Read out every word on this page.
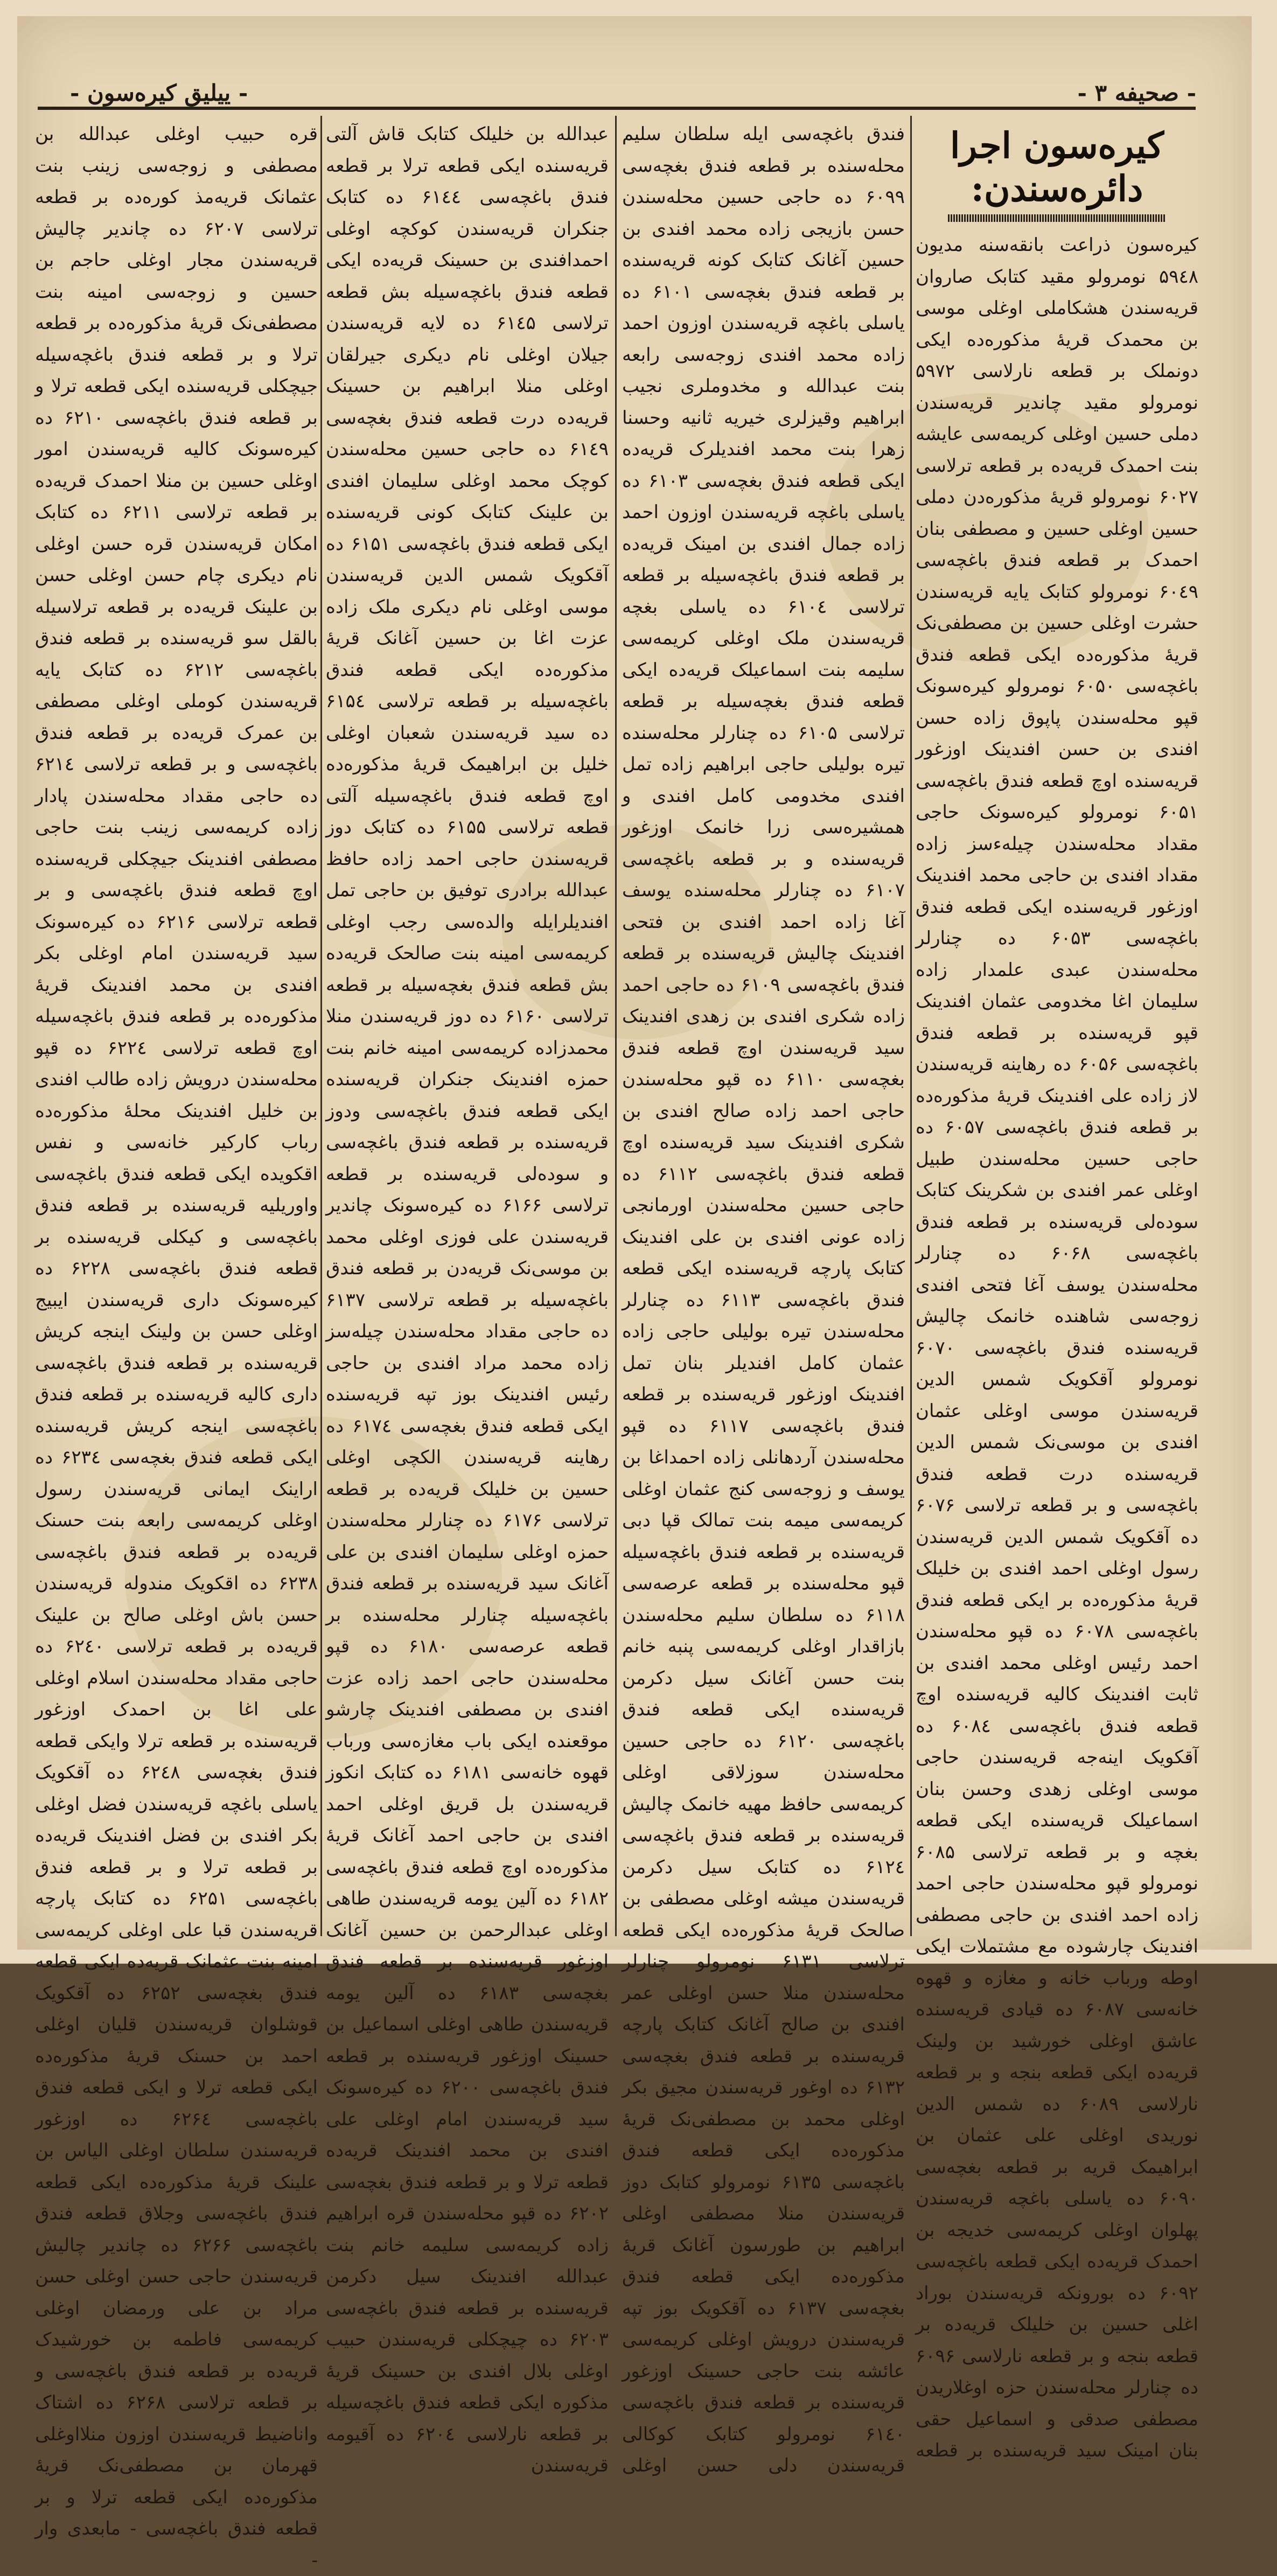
- صحیفه ۳ -
- ییلیق کیره‌سون -
کیره‌سون اجرا دائره‌سندن:

کیره‌سون ذراعت بانقه‌سنه مدیون ۵۹٤۸ نومرولو مقید کتابک صاروان قریه‌سندن هشکاملی اوغلی موسی بن محمدک قریهٔ مذکوره‌ده ایکی دونملک بر قطعه نارلاسی ۵۹۷۲ نومرولو مقید چاندیر قریه‌سندن دملی حسین اوغلی کریمه‌سی عایشه بنت احمدک قریه‌ده بر قطعه ترلاسی ۶۰۲۷ نومرولو قریهٔ مذکوره‌دن دملی حسین اوغلی حسین و مصطفی بنان احمدک بر قطعه فندق باغچه‌سی ۶۰٤۹ نومرولو کتابک یایه قریه‌سندن حشرت اوغلی حسین بن مصطفی‌نک قریهٔ مذکوره‌ده ایکی قطعه فندق باغچه‌سی ۶۰۵۰ نومرولو کیره‌سونک قپو محله‌سندن پاپوق زاده حسن افندی بن حسن افندینک اوزغور قریه‌سنده اوچ قطعه فندق باغچه‌سی ۶۰۵۱ نومرولو کیره‌سونک حاجی مقداد محله‌سندن چیلهء‌سز زاده مقداد افندی بن حاجی محمد افندینک اوزغور قریه‌سنده ایکی قطعه فندق باغچه‌سی ۶۰۵۳ ده چنارلر محله‌سندن عبدی علمدار زاده سلیمان اغا مخدومی عثمان افندینک قپو قریه‌سنده بر قطعه فندق باغچه‌سی ۶۰۵۶ ده رهاینه قریه‌سندن لاز زاده علی افندینک قریهٔ مذکوره‌ده بر قطعه فندق باغچه‌سی ۶۰۵۷ ده حاجی حسین محله‌سندن طبیل اوغلی عمر افندی بن شکرینک کتابک سوده‌لی قریه‌سنده بر قطعه فندق باغچه‌سی ۶۰۶۸ ده چنارلر محله‌سندن یوسف آغا فتحی افندی زوجه‌سی شاهنده خانمک چالیش قریه‌سنده فندق باغچه‌سی ۶۰۷۰ نومرولو آقکویک شمس الدین قریه‌سندن موسی اوغلی عثمان افندی بن موسی‌نک شمس الدین قریه‌سنده درت قطعه فندق باغچه‌سی و بر قطعه ترلاسی ۶۰۷۶ ده آقکویک شمس الدین قریه‌سندن رسول اوغلی احمد افندی بن خلیلک قریهٔ مذکوره‌ده بر ایکی قطعه فندق باغچه‌سی ۶۰۷۸ ده قپو محله‌سندن احمد رئیس اوغلی محمد افندی بن ثابت افندینک کالیه قریه‌سنده اوچ قطعه فندق باغچه‌سی ۶۰۸٤ ده آقکویک اینه‌جه قریه‌سندن حاجی موسی اوغلی زهدی وحسن بنان اسماعیلک قریه‌سنده ایکی قطعه بغچه و بر قطعه ترلاسی ۶۰۸۵ نومرولو قپو محله‌سندن حاجی احمد زاده احمد افندی بن حاجی مصطفی افندینک چارشوده مع مشتملات ایکی اوطه ورباب خانه و مغازه و قهوه خانه‌سی ۶۰۸۷ ده قیادی قریه‌سنده عاشق اوغلی خورشید بن ولینک قریه‌ده ایکی قطعه بنجه و بر قطعه نارلاسی ۶۰۸۹ ده شمس الدین نوریدی اوغلی علی عثمان بن ابراهیمک قریه بر قطعه بغچه‌سی ۶۰۹۰ ده یاسلی باغچه قریه‌سندن پهلوان اوغلی کریمه‌سی خدیجه بن احمدک قریه‌ده ایکی قطعه باغچه‌سی ۶۰۹۲ ده بورونکه قریه‌سندن بوراد اغلی حسین بن خلیلک قریه‌ده بر قطعه بنجه و بر قطعه نارلاسی ۶۰۹۶ ده چنارلر محله‌سندن حزه اوغلاریدن مصطفی صدقی و اسماعیل حقی بنان امینک سید قریه‌سنده بر قطعه

فندق باغچه‌سی ایله سلطان سلیم محله‌سنده بر قطعه فندق بغچه‌سی ۶۰۹۹ ده حاجی حسین محله‌سندن حسن بازیجی زاده محمد افندی بن حسین آغانک کتابک کونه قریه‌سنده بر قطعه فندق بغچه‌سی ۶۱۰۱ ده یاسلی باغچه قریه‌سندن اوزون احمد زاده محمد افندی زوجه‌سی رابعه بنت عبدالله و مخدوملری نجیب ابراهیم وقیزلری خیریه ثانیه وحسنا زهرا بنت محمد افندیلرک قریه‌ده ایکی قطعه فندق بغچه‌سی ۶۱۰۳ ده یاسلی باغچه قریه‌سندن اوزون احمد زاده جمال افندی بن امینک قریه‌ده بر قطعه فندق باغچه‌سیله بر قطعه ترلاسی ۶۱۰٤ ده یاسلی بغچه قریه‌سندن ملک اوغلی کریمه‌سی سلیمه بنت اسماعیلک قریه‌ده ایکی قطعه فندق بغچه‌سیله بر قطعه ترلاسی ۶۱۰۵ ده چنارلر محله‌سنده تیره بولیلی حاجی ابراهیم زاده تمل افندی مخدومی کامل افندی و همشیره‌سی زرا خانمک اوزغور قریه‌سنده و بر قطعه باغچه‌سی ۶۱۰۷ ده چنارلر محله‌سنده یوسف آغا زاده احمد افندی بن فتحی افندینک چالیش قریه‌سنده بر قطعه فندق باغچه‌سی ۶۱۰۹ ده حاجی احمد زاده شکری افندی بن زهدی افندینک سید قریه‌سندن اوچ قطعه فندق بغچه‌سی ۶۱۱۰ ده قپو محله‌سندن حاجی احمد زاده صالح افندی بن شکری افندینک سید قریه‌سنده اوچ قطعه فندق باغچه‌سی ۶۱۱۲ ده حاجی حسین محله‌سندن اورمانجی زاده عونی افندی بن علی افندینک کتابک پارچه قریه‌سنده ایکی قطعه فندق باغچه‌سی ۶۱۱۳ ده چنارلر محله‌سندن تیره بولیلی حاجی زاده عثمان کامل افندیلر بنان تمل افندینک اوزغور قریه‌سنده بر قطعه فندق باغچه‌سی ۶۱۱۷ ده قپو محله‌سندن آردهانلی زاده احمداغا بن یوسف و زوجه‌سی کنج عثمان اوغلی کریمه‌سی میمه بنت تمالک قپا دبی قریه‌سنده بر قطعه فندق باغچه‌سیله قپو محله‌سنده بر قطعه عرصه‌سی ۶۱۱۸ ده سلطان سلیم محله‌سندن بازاقدار اوغلی کریمه‌سی پنبه خانم بنت حسن آغانک سیل دکرمن قریه‌سنده ایکی قطعه فندق باغچه‌سی ۶۱۲۰ ده حاجی حسین محله‌سندن سوزلاقی اوغلی کریمه‌سی حافظ مهیه خانمک چالیش قریه‌سنده بر قطعه فندق باغچه‌سی ۶۱۲٤ ده کتابک سیل دکرمن قریه‌سندن میشه اوغلی مصطفی بن صالحک قریهٔ مذکوره‌ده ایکی قطعه ترلاسی ۶۱۳۱ نومرولو چنارلر محله‌سندن منلا حسن اوغلی عمر افندی بن صالح آغانک کتابک پارچه قریه‌سنده بر قطعه فندق بغچه‌سی ۶۱۳۲ ده اوغور قریه‌سندن مجیق بکر اوغلی محمد بن مصطفی‌نک قریهٔ مذکوره‌ده ایکی قطعه فندق باغچه‌سی ۶۱۳۵ نومرولو کتابک دوز قریه‌سندن منلا مصطفی اوغلی ابراهیم بن طورسون آغانک قریهٔ مذکوره‌ده ایکی قطعه فندق بغچه‌سی ۶۱۳۷ ده آقکویک بوز تپه قریه‌سندن درویش اوغلی کریمه‌سی عائشه بنت حاجی حسینک اوزغور قریه‌سنده بر قطعه فندق باغچه‌سی ۶۱٤۰ نومرولو کتابک کوکالی قریه‌سندن دلی حسن اوغلی

عبدالله بن خلیلک کتابک قاش آلتی قریه‌سنده ایکی قطعه ترلا بر قطعه فندق باغچه‌سی ۶۱٤٤ ده کتابک جنکران قریه‌سندن کوکچه اوغلی احمدافندی بن حسینک قریه‌ده ایکی قطعه فندق باغچه‌سیله بش قطعه ترلاسی ۶۱٤۵ ده لایه قریه‌سندن جیلان اوغلی نام دیکری جیرلقان اوغلی منلا ابراهیم بن حسینک قریه‌ده درت قطعه فندق بغچه‌سی ۶۱٤۹ ده حاجی حسین محله‌سندن کوچک محمد اوغلی سلیمان افندی بن علینک کتابک کونی قریه‌سنده ایکی قطعه فندق باغچه‌سی ۶۱۵۱ ده آقکویک شمس الدین قریه‌سندن موسی اوغلی نام دیکری ملک زاده عزت اغا بن حسین آغانک قریهٔ مذکوره‌ده ایکی قطعه فندق باغچه‌سیله بر قطعه ترلاسی ۶۱۵٤ ده سید قریه‌سندن شعبان اوغلی خلیل بن ابراهیمک قریهٔ مذکوره‌ده اوچ قطعه فندق باغچه‌سیله آلتی قطعه ترلاسی ۶۱۵۵ ده کتابک دوز قریه‌سندن حاجی احمد زاده حافظ عبدالله برادری توفیق بن حاجی تمل افندیلرایله والده‌سی رجب اوغلی کریمه‌سی امینه بنت صالحک قریه‌ده بش قطعه فندق بغچه‌سیله بر قطعه ترلاسی ۶۱۶۰ ده دوز قریه‌سندن منلا محمدزاده کریمه‌سی امینه خانم بنت حمزه افندینک جنکران قریه‌سنده ایکی قطعه فندق باغچه‌سی ودوز قریه‌سنده بر قطعه فندق باغچه‌سی و سوده‌لی قریه‌سنده بر قطعه ترلاسی ۶۱۶۶ ده کیره‌سونک چاندیر قریه‌سندن علی فوزی اوغلی محمد بن موسی‌نک قریه‌دن بر قطعه فندق باغچه‌سیله بر قطعه ترلاسی ۶۱۳۷ ده حاجی مقداد محله‌سندن چیله‌سز زاده محمد مراد افندی بن حاجی رئیس افندینک بوز تپه قریه‌سنده ایکی قطعه فندق بغچه‌سی ۶۱۷٤ ده رهاینه قریه‌سندن الکچی اوغلی حسین بن خلیلک قریه‌ده بر قطعه ترلاسی ۶۱۷۶ ده چنارلر محله‌سندن حمزه اوغلی سلیمان افندی بن علی آغانک سید قریه‌سنده بر قطعه فندق باغچه‌سیله چنارلر محله‌سنده بر قطعه عرصه‌سی ۶۱۸۰ ده قپو محله‌سندن حاجی احمد زاده عزت افندی بن مصطفی افندینک چارشو موقعنده ایکی باب مغازه‌سی ورباب قهوه خانه‌سی ۶۱۸۱ ده کتابک انکوز قریه‌سندن بل قریق اوغلی احمد افندی بن حاجی احمد آغانک قریهٔ مذکوره‌ده اوچ قطعه فندق باغچه‌سی ۶۱۸۲ ده آلین یومه قریه‌سندن طاهی اوغلی عبدالرحمن بن حسین آغانک اوزغور قریه‌سنده بر قطعه فندق بغچه‌سی ۶۱۸۳ ده آلین یومه قریه‌سندن طاهی اوغلی اسماعیل بن حسینک اوزغور قریه‌سنده بر قطعه فندق باغچه‌سی ۶۲۰۰ ده کیره‌سونک سید قریه‌سندن امام اوغلی علی افندی بن محمد افندینک قریه‌ده قطعه ترلا و بر قطعه فندق بغچه‌سی ۶۲۰۲ ده قپو محله‌سندن قره ابراهیم زاده کریمه‌سی سلیمه خانم بنت عبدالله افندینک سیل دکرمن قریه‌سنده بر قطعه فندق باغچه‌سی ۶۲۰۳ ده چیچکلی قریه‌سندن حبیب اوغلی بلال افندی بن حسینک قریهٔ مذکوره ایکی قطعه فندق باغچه‌سیله بر قطعه نارلاسی ۶۲۰٤ ده آقیومه قریه‌سندن

قره حبیب اوغلی عبدالله بن مصطفی و زوجه‌سی زینب بنت عثمانک قریه‌مذ کوره‌ده بر قطعه ترلاسی ۶۲۰۷ ده چاندیر چالیش قریه‌سندن مجار اوغلی حاجم بن حسین و زوجه‌سی امینه بنت مصطفی‌نک قریهٔ مذکوره‌ده بر قطعه ترلا و بر قطعه فندق باغچه‌سیله جیچکلی قریه‌سنده ایکی قطعه ترلا و بر قطعه فندق باغچه‌سی ۶۲۱۰ ده کیره‌سونک کالیه قریه‌سندن امور اوغلی حسین بن منلا احمدک قریه‌ده بر قطعه ترلاسی ۶۲۱۱ ده کتابک امکان قریه‌سندن قره حسن اوغلی نام دیکری چام حسن اوغلی حسن بن علینک قریه‌ده بر قطعه ترلاسیله بالقل سو قریه‌سنده بر قطعه فندق باغچه‌سی ۶۲۱۲ ده کتابک یایه قریه‌سندن کوملی اوغلی مصطفی بن عمرک قریه‌ده بر قطعه فندق باغچه‌سی و بر قطعه ترلاسی ۶۲۱٤ ده حاجی مقداد محله‌سندن پادار زاده کریمه‌سی زینب بنت حاجی مصطفی افندینک جیچکلی قریه‌سنده اوچ قطعه فندق باغچه‌سی و بر قطعه ترلاسی ۶۲۱۶ ده کیره‌سونک سید قریه‌سندن امام اوغلی بکر افندی بن محمد افندینک قریهٔ مذکوره‌ده بر قطعه فندق باغچه‌سیله اوچ قطعه ترلاسی ۶۲۲٤ ده قپو محله‌سندن درویش زاده طالب افندی بن خلیل افندینک محلهٔ مذکوره‌ده رباب کارکیر خانه‌سی و نفس اقکویده ایکی قطعه فندق باغچه‌سی واوریلیه قریه‌سنده بر قطعه فندق باغچه‌سی و کیکلی قریه‌سنده بر قطعه فندق باغچه‌سی ۶۲۲۸ ده کیره‌سونک داری قریه‌سندن ایبیج اوغلی حسن بن ولینک اینجه کریش قریه‌سنده بر قطعه فندق باغچه‌سی داری کالیه قریه‌سنده بر قطعه فندق باغچه‌سی اینجه کریش قریه‌سنده ایکی قطعه فندق بغچه‌سی ۶۲۳٤ ده اراینک ایمانی قریه‌سندن رسول اوغلی کریمه‌سی رابعه بنت حسنک قریه‌ده بر قطعه فندق باغچه‌سی ۶۲۳۸ ده اقکویک مندوله قریه‌سندن حسن باش اوغلی صالح بن علینک قریه‌ده بر قطعه ترلاسی ۶۲٤۰ ده حاجی مقداد محله‌سندن اسلام اوغلی علی اغا بن احمدک اوزغور قریه‌سنده بر قطعه ترلا وایکی قطعه فندق بغچه‌سی ۶۲٤۸ ده آقکویک یاسلی باغچه قریه‌سندن فضل اوغلی بکر افندی بن فضل افندینک قریه‌ده بر قطعه ترلا و بر قطعه فندق باغچه‌سی ۶۲۵۱ ده کتابک پارچه قریه‌سندن قبا علی اوغلی کریمه‌سی امینه بنت عثمانک قریه‌ده ایکی قطعه فندق بغچه‌سی ۶۲۵۲ ده آقکویک قوشلوان قریه‌سندن قلیان اوغلی احمد بن حسنک قریهٔ مذکوره‌ده ایکی قطعه ترلا و ایکی قطعه فندق باغچه‌سی ۶۲۶٤ ده اوزغور قریه‌سندن سلطان اوغلی الیاس بن علینک قریهٔ مذکوره‌ده ایکی قطعه فندق باغچه‌سی وجلاق قطعه فندق باغچه‌سی ۶۲۶۶ ده چاندیر چالیش قریه‌سندن حاجی حسن اوغلی حسن مراد بن علی ورمضان اوغلی کریمه‌سی فاطمه بن خورشیدک قریه‌ده بر قطعه فندق باغچه‌سی و بر قطعه ترلاسی ۶۲۶۸ ده اشتاک واناضیط قریه‌سندن اوزون منلااوغلی قهرمان بن مصطفی‌نک قریهٔ مذکوره‌ده ایکی قطعه ترلا و بر قطعه فندق باغچه‌سی - مابعدی وار -
